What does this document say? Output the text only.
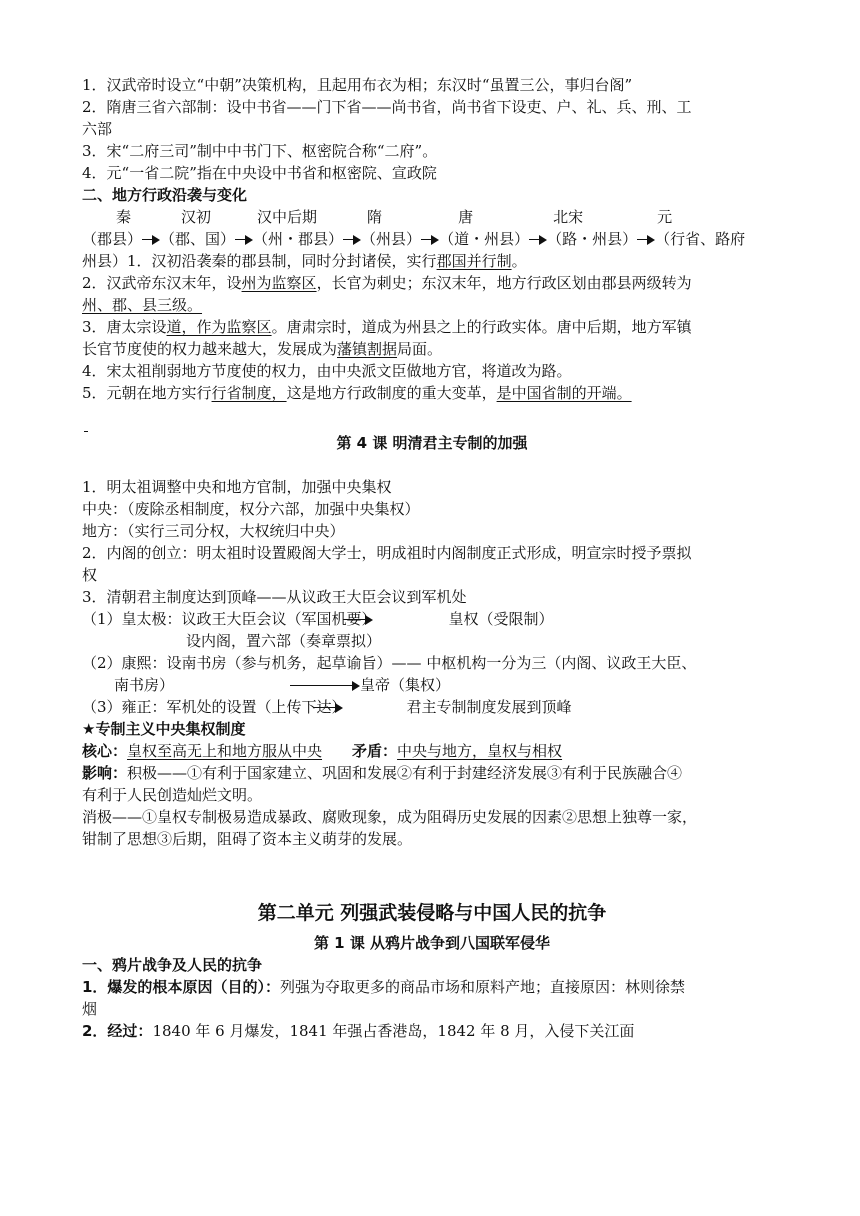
1．汉武帝时设立“中朝”决策机构，且起用布衣为相；东汉时“虽置三公，事归台阁”

2．隋唐三省六部制：设中书省——门下省——尚书省，尚书省下设吏、户、礼、兵、刑、工

六部

3．宋“二府三司”制中中书门下、枢密院合称“二府”。

4．元“一省二院”指在中央设中书省和枢密院、宣政院

二、地方行政沿袭与变化

秦	汉初	汉中后期	隋	唐	北宋	元

（郡县） （郡、国） （州・郡县） （州县） （道・州县） （路・州县） （行省、路府

州县）1．汉初沿袭秦的郡县制，同时分封诸侯，实行郡国并行制。

2．汉武帝东汉末年，设州为监察区，长官为刺史；东汉末年，地方行政区划由郡县两级转为

州、郡、县三级。

3．唐太宗设道，作为监察区。唐肃宗时，道成为州县之上的行政实体。唐中后期，地方军镇

长官节度使的权力越来越大，发展成为藩镇割据局面。

4．宋太祖削弱地方节度使的权力，由中央派文臣做地方官，将道改为路。

5．元朝在地方实行行省制度，这是地方行政制度的重大变革，是中国省制的开端。

第 4 课 明清君主专制的加强

1．明太祖调整中央和地方官制，加强中央集权

中央：（废除丞相制度，权分六部，加强中央集权）

地方：（实行三司分权，大权统归中央）

2．内阁的创立：明太祖时设置殿阁大学士，明成祖时内阁制度正式形成，明宣宗时授予票拟

权

3．清朝君主制度达到顶峰——从议政王大臣会议到军机处

（1）皇太极：议政王大臣会议（军国机要）	皇权（受限制）

设内阁，置六部（奏章票拟）

（2）康熙：设南书房（参与机务，起草谕旨）—— 中枢机构一分为三（内阁、议政王大臣、

南书房）	皇帝（集权）

（3）雍正：军机处的设置（上传下达）	君主专制制度发展到顶峰

★专制主义中央集权制度

核心：皇权至高无上和地方服从中央 矛盾：中央与地方，皇权与相权

影响：积极——①有利于国家建立、巩固和发展②有利于封建经济发展③有利于民族融合④

有利于人民创造灿烂文明。

消极——①皇权专制极易造成暴政、腐败现象，成为阻碍历史发展的因素②思想上独尊一家，

钳制了思想③后期，阻碍了资本主义萌芽的发展。

第二单元 列强武装侵略与中国人民的抗争

第 1 课 从鸦片战争到八国联军侵华

一、鸦片战争及人民的抗争

1．爆发的根本原因（目的）：列强为夺取更多的商品市场和原料产地；直接原因：林则徐禁

烟

2．经过：1840 年 6 月爆发，1841 年强占香港岛，1842 年 8 月，入侵下关江面
